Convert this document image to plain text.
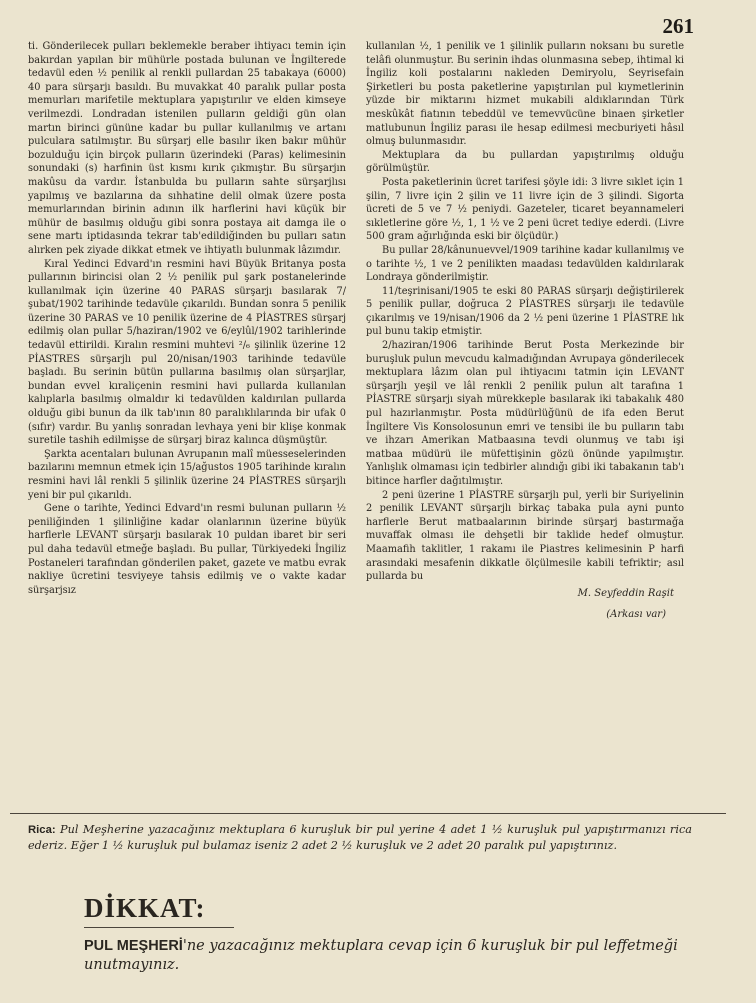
261

ti. Gönderilecek pulları beklemekle beraber ihtiyacı temin için bakırdan yapılan bir mühürle postada bulunan ve İngilterede tedavül eden ½ penilik al renkli pullardan 25 tabakaya (6000) 40 para sürşarjı basıldı. Bu muvakkat 40 paralık pullar posta memurları marifetile mektuplara yapıştırılır ve elden kimseye verilmezdi. Londradan istenilen pulların geldiği gün olan martın birinci gününe kadar bu pullar kullanılmış ve artanı pulculara satılmıştır. Bu sürşarj elle basılır iken bakır mühür bozulduğu için birçok pulların üzerindeki (Paras) kelimesinin sonundaki (s) harfinin üst kısmı kırık çıkmıştır. Bu sürşarjın makûsu da vardır. İstanbulda bu pulların sahte sürşarjlısı yapılmış ve bazılarına da sıhhatine delil olmak üzere posta memurlarından birinin adının ilk harflerini havi küçük bir mühür de basılmış olduğu gibi sonra postaya ait damga ile o sene martı iptidasında tekrar tab'edildiğinden bu pulları satın alırken pek ziyade dikkat etmek ve ihtiyatlı bulunmak lâzımdır.

Kıral Yedinci Edvard'ın resmini havi Büyük Britanya posta pullarının birincisi olan 2 ½ penilik pul şark postanelerinde kullanılmak için üzerine 40 PARAS sürşarjı basılarak 7/şubat/1902 tarihinde tedavüle çıkarıldı. Bundan sonra 5 penilik üzerine 30 PARAS ve 10 penilik üzerine de 4 PİASTRES sürşarj edilmiş olan pullar 5/haziran/1902 ve 6/eylûl/1902 tarihlerinde tedavül ettirildi. Kıralın resmini muhtevi ²/₆ şilinlik üzerine 12 PİASTRES sürşarjlı pul 20/nisan/1903 tarihinde tedavüle başladı. Bu serinin bütün pullarına basılmış olan sürşarjlar, bundan evvel kıraliçenin resmini havi pullarda kullanılan kalıplarla basılmış olmaldır ki tedavülden kaldırılan pullarda olduğu gibi bunun da ilk tab'ının 80 paralıklılarında bir ufak 0 (sıfır) vardır. Bu yanlış sonradan levhaya yeni bir klişe konmak suretile tashih edilmişse de sürşarj biraz kalınca düşmüştür.

Şarkta acentaları bulunan Avrupanın malî müesseselerinden bazılarını memnun etmek için 15/ağustos 1905 tarihinde kıralın resmini havi lâl renkli 5 şilinlik üzerine 24 PİASTRES sürşarjlı yeni bir pul çıkarıldı.

Gene o tarihte, Yedinci Edvard'ın resmi bulunan pulların ½ peniliğinden 1 şilinliğine kadar olanlarının üzerine büyük harflerle LEVANT sürşarjı basılarak 10 puldan ibaret bir seri pul daha tedavül etmeğe başladı. Bu pullar, Türkiyedeki İngiliz Postaneleri tarafından gönderilen paket, gazete ve matbu evrak nakliye ücretini tesviyeye tahsis edilmiş ve o vakte kadar sürşarjsız

kullanılan ½, 1 penilik ve 1 şilinlik pulların noksanı bu suretle telâfi olunmuştur. Bu serinin ihdas olunmasına sebep, ihtimal ki İngiliz koli postalarını nakleden Demiryolu, Seyrisefain Şirketleri bu posta paketlerine yapıştırılan pul kıymetlerinin yüzde bir miktarını hizmet mukabili aldıklarından Türk meskûkât fiatının tebeddül ve temevvücüne binaen şirketler matlubunun İngiliz parası ile hesap edilmesi mecburiyeti hâsıl olmuş bulunmasıdır.

Mektuplara da bu pullardan yapıştırılmış olduğu görülmüştür.

Posta paketlerinin ücret tarifesi şöyle idi: 3 livre sıklet için 1 şilin, 7 livre için 2 şilin ve 11 livre için de 3 şilindi. Sigorta ücreti de 5 ve 7 ½ peniydi. Gazeteler, ticaret beyannameleri sıkletlerine göre ½, 1, 1 ½ ve 2 peni ücret tediye ederdi. (Livre 500 gram ağırlığında eski bir ölçüdür.)

Bu pullar 28/kânunuevvel/1909 tarihine kadar kullanılmış ve o tarihte ½, 1 ve 2 penilikten maadası tedavülden kaldırılarak Londraya gönderilmiştir.

11/teşrinisani/1905 te eski 80 PARAS sürşarjı değiştirilerek 5 penilik pullar, doğruca 2 PİASTRES sürşarjı ile tedavüle çıkarılmış ve 19/nisan/1906 da 2 ½ peni üzerine 1 PİASTRE lık pul bunu takip etmiştir.

2/haziran/1906 tarihinde Berut Posta Merkezinde bir buruşluk pulun mevcudu kalmadığından Avrupaya gönderilecek mektuplara lâzım olan pul ihtiyacını tatmin için LEVANT sürşarjlı yeşil ve lâl renkli 2 penilik pulun alt tarafına 1 PİASTRE sürşarjı siyah mürekkeple basılarak iki tabakalık 480 pul hazırlanmıştır. Posta müdürlüğünü de ifa eden Berut İngiltere Vis Konsolosunun emri ve tensibi ile bu pulların tabı ve ihzarı Amerikan Matbaasına tevdi olunmuş ve tabı işi matbaa müdürü ile müfettişinin gözü önünde yapılmıştır. Yanlışlık olmaması için tedbirler alındığı gibi iki tabakanın tab'ı bitince harfler dağıtılmıştır.

2 peni üzerine 1 PİASTRE sürşarjlı pul, yerli bir Suriyelinin 2 penilik LEVANT sürşarjlı birkaç tabaka pula ayni punto harflerle Berut matbaalarının birinde sürşarj bastırmağa muvaffak olması ile dehşetli bir taklide hedef olmuştur. Maamafih taklitler, 1 rakamı ile Piastres kelimesinin P harfi arasındaki mesafenin dikkatle ölçülmesile kabili tefriktir; asıl pullarda bu

M. Seyfeddin Raşit
(Arkası var)
Rica: Pul Meşherine yazacağınız mektuplara 6 kuruşluk bir pul yerine 4 adet 1 ½ kuruşluk pul yapıştırmanızı rica ederiz. Eğer 1 ½ kuruşluk pul bulamaz iseniz 2 adet 2 ½ kuruşluk ve 2 adet 20 paralık pul yapıştırınız.
DİKKAT:
PUL MEŞHERİ'ne yazacağınız mektuplara cevap için 6 kuruşluk bir pul leffetmeği unutmayınız.
